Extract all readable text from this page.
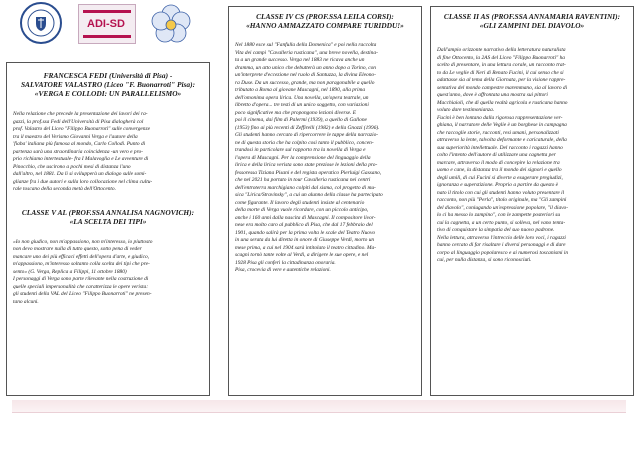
ADI-SD

FRANCESCA FEDI (Università di Pisa) -

SALVATORE VALASTRO (Liceo "F. Buonarroti" Pisa):

«VERGA E COLLODI: UN PARALLELISMO»

Nella relazione che precede la presentazione dei lavori dei ra-

gazzi, la prof.ssa Fedi dell'Università di Pisa dialogherà col

prof. Valastro del Liceo "Filippo Buonarroti" sulle convergenze

tra il maestro del Verismo Giovanni Verga e l'autore della

'fiaba' italiana più famosa al mondo, Carlo Collodi. Punto di

partenza sarà una straordinaria coincidenza -un vero e pro-

prio richiamo intertestuale- fra I Malavoglia e Le avventure di

Pinocchio, che uscirono a pochi mesi di distanza l'uno

dall'altro, nel 1881. Da lì si svilupperà un dialogo sulle somi-

glianze fra i due autori e sulla loro collocazione nel clima cultu-

rale toscano della seconda metà dell'Ottocento.

CLASSE V AL (PROF.SSA ANNALISA NAGNOVICH):

«LA SCELTA DEI TIPI»

«Io non giudico, non m'appassiono, non m'interesso, io piuttosto

non devo mostrare nulla di tutto questo, sotto pena di veder

mancare uno dei più efficaci effetti dell'opera d'arte, e giudico,

m'appassiono, m'interesso soltanto colla scelta dei tipi che pre-

sento» (G. Verga, Replica a Filippi, 11 ottobre 1880)

I personaggi di Verga sono parte rilevante nella costruzione di

quelle speciali impersonalità che caratterizza le opere verista:

gli studenti della VAL del Liceo "Filippo Buonarroti" ne presen-

tano alcuni.

CLASSE IV CS (PROF.SSA LEILA CORSI):

«HANNO AMMAZZATO COMPARE TURIDDU!»

Nel 1880 esce sul "Fanfulla della Domenica" e poi nella raccolta

Vita dei campi "Cavalleria rusticana", una breve novella, destina-

ta a un grande successo. Verga nel 1883 ne ricava anche un

dramma, un atto unico che debutterà un anno dopo a Torino, con

un'interprete d'eccezione nel ruolo di Santuzza, la divina Eleono-

ra Duse. Da un successo, grande, ma non paragonabile a quello

tributato a Roma al giovane Mascagni, nel 1890, alla prima

dell'omonima opera lirica. Una novella, un'opera teatrale, un

libretto d'opera... tre testi di un unico soggetto, con variazioni

poco significative ma che propongono lezioni diverse. E

poi il cinema, dai film di Palermi (1939), a quello di Gallone

(1953) fino ai più recenti di Zeffirelli (1982) e della Gnozzi (1996).

Gli studenti hanno cercato di ripercorrere le tappe della narrazio-

ne di questa storia che ha colpito così tanto il pubblico, concen-

trandosi in particolare sul rapporto tra la novella di Verga e

l'opera di Mascagni. Per la comprensione del linguaggio della

lirica e della lirica verista sono state preziose le lezioni della pro-

fessoressa Tiziana Pisani e del regista operatico Pierluigi Gassano,

che nel 2021 ha portato in tour Cavalleria rusticana nei centri

dell'entroterra marchigiano colpiti dal sisma, col progetto di mu-

sica "Lirica/Stravinsky", a cui un alunno della classe ha partecipato

come figurante. Il lavoro degli studenti insiste al centenario

della morte di Verga vuole ricordare, con un piccolo anticipo,

anche i 160 anni dalla nascita di Mascagni. Il compositore livor-

nese era molto caro al pubblico di Pisa, che dal 17 febbraio del

1901, quando salirà per la prima volta le scale del Teatro Nuovo

in una serata da lui diretta in onore di Giuseppe Verdi, morto un

mese prima, a cui nel 1904 sarà intitolato il teatro cittadino. Ma-

scagni tornò tante volte al Verdi, a dirigere le sue opere, e nel

1928 Pisa gli conferì la cittadinanza onoraria.

Pisa, crocevia di vere e autentiche relazioni.

CLASSE II AS (PROF.SSA ANNAMARIA RAVENTINI):

«GLI ZAMPINI DEL DIAVOLO»

Dall'ampio orizzonte narrativo della letteratura naturalista

di fine Ottocento, la 2AS del Liceo "Filippo Buonarroti" ha

scelto di presentare, in una lettura corale, un racconto trat-

to da Le veglie di Neri di Renato Fucini, il cui senso che si

adattasse sia al tema della Giornata, per la visione rappre-

sentativa del mondo campestre maremmano, sia al lavoro di

quest'anno, dove è affrontata una mostra sui pittori

Macchiaioli, che di quella realtà agricola e rusticana hanno

voluto dare testimonianza.

Fucini è ben lontano dalla rigorosa rappresentazione ver-

ghiana, il narratore delle Veglie è un borghese in campagna

che raccoglie storie, racconti, resi umani, personalizzati

attraverso la lente, talvolta deformante e caricaturale, della

sua superiorità intellettuale. Del racconto i ragazzi hanno

colto l'intento dell'autore di utilizzare una cagnetta per

marcare, attraverso il modo di concepire la relazione tra

uomo e cane, la distanza tra il mondo dei signori e quello

degli umili, di cui Fucini si diverte a esagerare pregiudizi,

ignoranza e superstizione. Proprio a partire da questo è

nato il titolo con cui gli studenti hanno voluto presentare il

racconto, non più "Perla", titolo originale, ma "Gli zampini

del diavolo", coniugando un'espressione popolare, "il diavo-

lo ci ha messo lo zampino", con le zampette posteriori su

cui la cagnetta, a un certo punto, si solleva, nel vano tenta-

tivo di conquistare la simpatia del suo nuovo padrone.

Nella lettura, attraverso l'intreccio delle loro voci, i ragazzi

hanno cercato di far risaltare i diversi personaggi e di dare

corpo al linguaggio popolaresco e ai numerosi toscanismi in

cui, per nulla distanza, si sono riconosciuti.
